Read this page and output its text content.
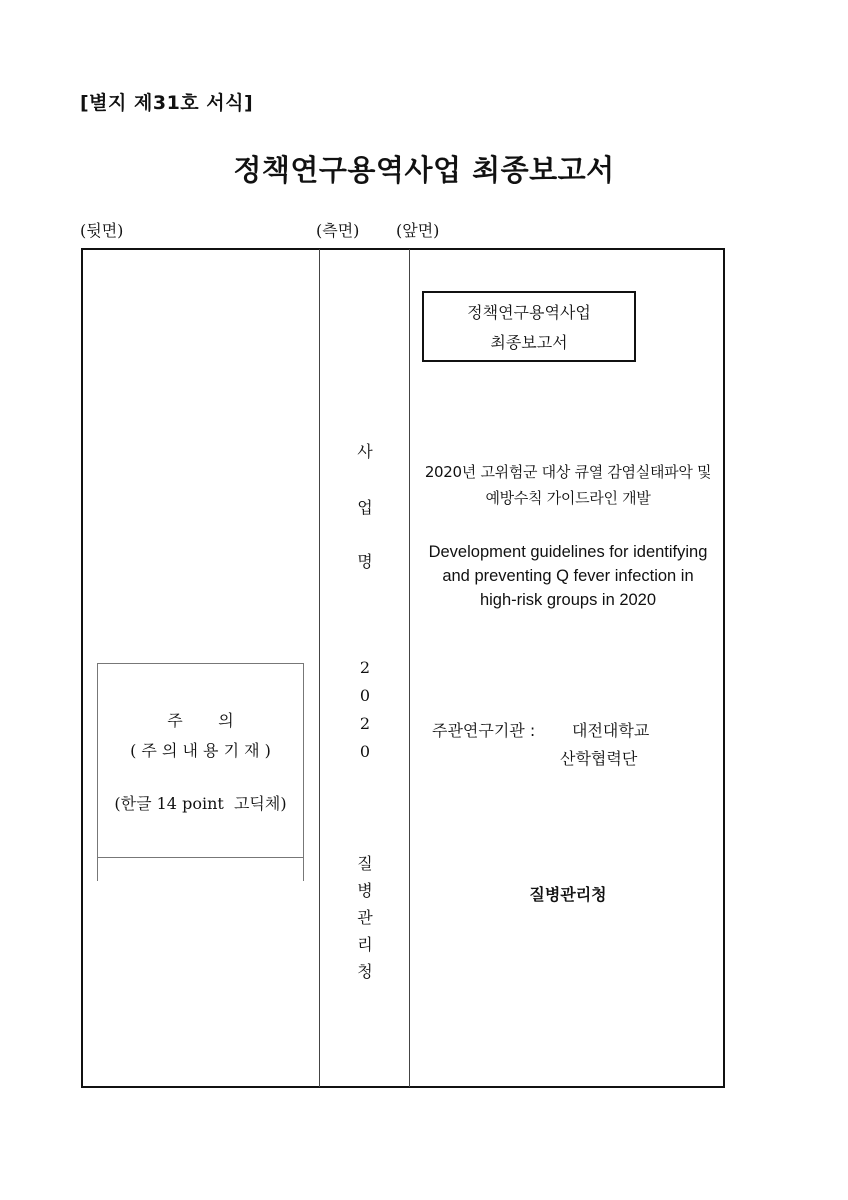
[별지 제31호 서식]
정책연구용역사업 최종보고서
(뒷면)	(측면) (앞면)
정책연구용역사업
최종보고서
2020년 고위험군 대상 큐열 감염실태파악 및
예방수칙 가이드라인 개발
Development guidelines for identifying
and preventing Q fever infection in
high-risk groups in 2020
주관연구기관 : 대전대학교
산학협력단
질병관리청
사
업
명
2
0
2
0
질
병
관
리
청
주       의
( 주 의 내 용 기 재 )
(한글 14 point  고딕체)
